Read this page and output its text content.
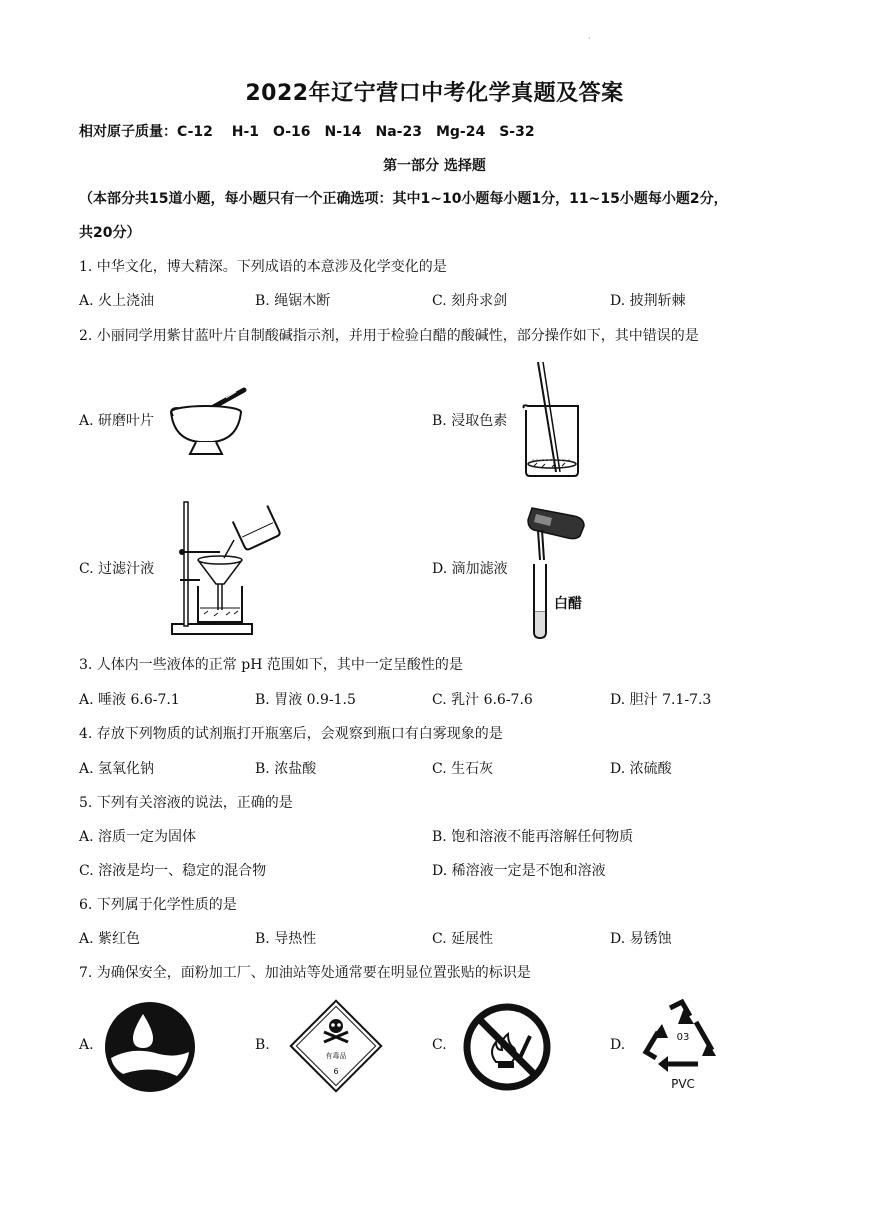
·
2022年辽宁营口中考化学真题及答案
相对原子质量：C-12　 H-1　O-16　N-14　Na-23　Mg-24　S-32
第一部分 选择题
（本部分共15道小题，每小题只有一个正确选项：其中1~10小题每小题1分，11~15小题每小题2分，
共20分）
1. 中华文化，博大精深。下列成语的本意涉及化学变化的是
A. 火上浇油	B. 绳锯木断	C. 刻舟求剑	D. 披荆斩棘
2. 小丽同学用紫甘蓝叶片自制酸碱指示剂，并用于检验白醋的酸碱性，部分操作如下，其中错误的是
A. 研磨叶片	B. 浸取色素
C. 过滤汁液	D. 滴加滤液
白醋
3. 人体内一些液体的正常 pH 范围如下，其中一定呈酸性的是
A. 唾液 6.6-7.1	B. 胃液 0.9-1.5	C. 乳汁 6.6-7.6	D. 胆汁 7.1-7.3
4. 存放下列物质的试剂瓶打开瓶塞后，会观察到瓶口有白雾现象的是
A. 氢氧化钠	B. 浓盐酸	C. 生石灰	D. 浓硫酸
5. 下列有关溶液的说法，正确的是
A. 溶质一定为固体	B. 饱和溶液不能再溶解任何物质
C. 溶液是均一、稳定的混合物	D. 稀溶液一定是不饱和溶液
6. 下列属于化学性质的是
A. 紫红色	B. 导热性	C. 延展性	D. 易锈蚀
7. 为确保安全，面粉加工厂、加油站等处通常要在明显位置张贴的标识是
A.	B.	C.	D.
有毒品
6
03
PVC
